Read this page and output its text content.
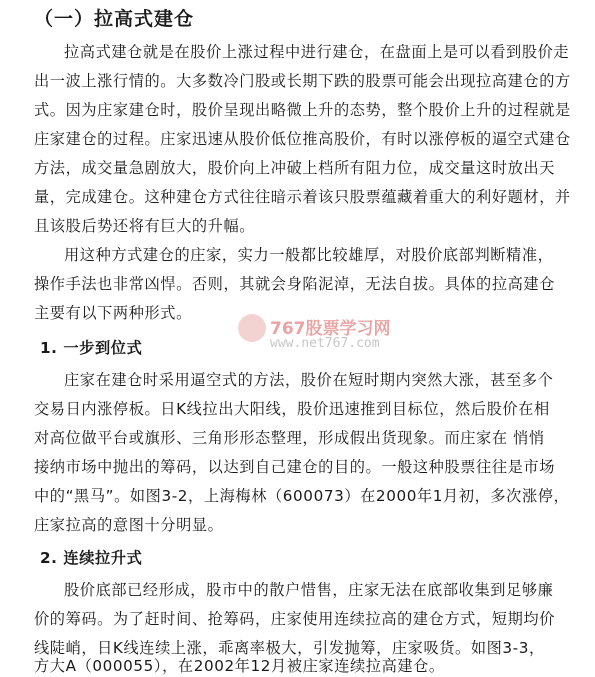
（一）拉高式建仓
拉高式建仓就是在股价上涨过程中进行建仓，在盘面上是可以看到股价走
出一波上涨行情的。大多数冷门股或长期下跌的股票可能会出现拉高建仓的方
式。因为庄家建仓时，股价呈现出略微上升的态势，整个股价上升的过程就是
庄家建仓的过程。庄家迅速从股价低位推高股价，有时以涨停板的逼空式建仓
方法，成交量急剧放大，股价向上冲破上档所有阻力位，成交量这时放出天
量，完成建仓。这种建仓方式往往暗示着该只股票蕴藏着重大的利好题材，并
且该股后势还将有巨大的升幅。
用这种方式建仓的庄家，实力一般都比较雄厚，对股价底部判断精准，
操作手法也非常凶悍。否则，其就会身陷泥淖，无法自拔。具体的拉高建仓
主要有以下两种形式。
1. 一步到位式
庄家在建仓时采用逼空式的方法，股价在短时期内突然大涨，甚至多个
交易日内涨停板。日K线拉出大阳线，股价迅速推到目标位，然后股价在相
对高位做平台或旗形、三角形形态整理，形成假出货现象。而庄家在 悄悄
接纳市场中抛出的筹码，以达到自己建仓的目的。一般这种股票往往是市场
中的“黑马”。如图3-2，上海梅林（600073）在2000年1月初，多次涨停，
庄家拉高的意图十分明显。
2. 连续拉升式
股价底部已经形成，股市中的散户惜售，庄家无法在底部收集到足够廉
价的筹码。为了赶时间、抢筹码，庄家使用连续拉高的建仓方式，短期均价
线陡峭，日K线连续上涨，乖离率极大，引发抛筹，庄家吸货。如图3-3，
方大A（000055），在2002年12月被庄家连续拉高建仓。
767股票学习网
www.net767.com
